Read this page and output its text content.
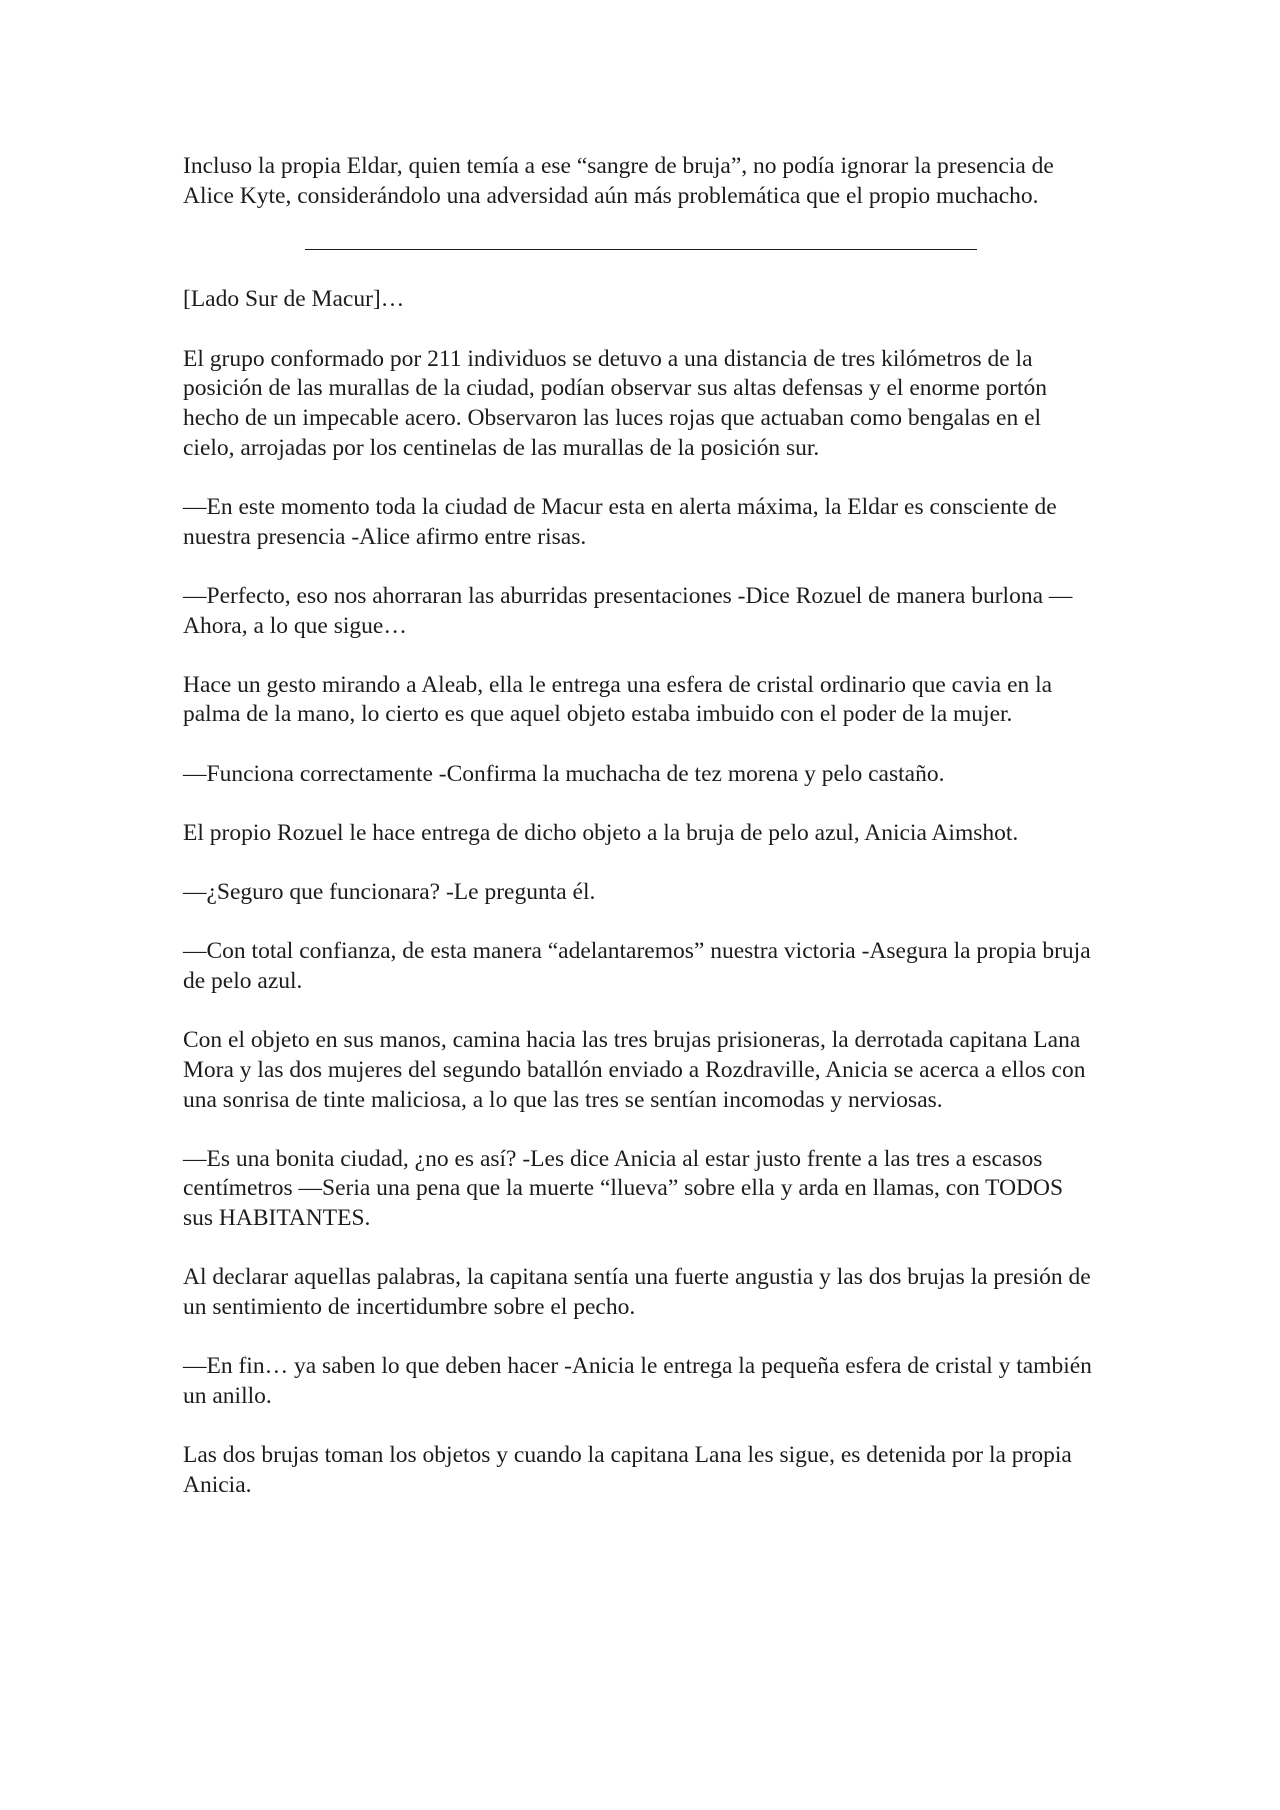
Incluso la propia Eldar, quien temía a ese “sangre de bruja”, no podía ignorar la presencia de Alice Kyte, considerándolo una adversidad aún más problemática que el propio muchacho.

[Lado Sur de Macur]…

El grupo conformado por 211 individuos se detuvo a una distancia de tres kilómetros de la posición de las murallas de la ciudad, podían observar sus altas defensas y el enorme portón hecho de un impecable acero. Observaron las luces rojas que actuaban como bengalas en el cielo, arrojadas por los centinelas de las murallas de la posición sur.

—En este momento toda la ciudad de Macur esta en alerta máxima, la Eldar es consciente de nuestra presencia -Alice afirmo entre risas.

—Perfecto, eso nos ahorraran las aburridas presentaciones -Dice Rozuel de manera burlona —Ahora, a lo que sigue…

Hace un gesto mirando a Aleab, ella le entrega una esfera de cristal ordinario que cavia en la palma de la mano, lo cierto es que aquel objeto estaba imbuido con el poder de la mujer.

—Funciona correctamente -Confirma la muchacha de tez morena y pelo castaño.

El propio Rozuel le hace entrega de dicho objeto a la bruja de pelo azul, Anicia Aimshot.

—¿Seguro que funcionara? -Le pregunta él.

—Con total confianza, de esta manera “adelantaremos” nuestra victoria -Asegura la propia bruja de pelo azul.

Con el objeto en sus manos, camina hacia las tres brujas prisioneras, la derrotada capitana Lana Mora y las dos mujeres del segundo batallón enviado a Rozdraville, Anicia se acerca a ellos con una sonrisa de tinte maliciosa, a lo que las tres se sentían incomodas y nerviosas.

—Es una bonita ciudad, ¿no es así? -Les dice Anicia al estar justo frente a las tres a escasos centímetros —Seria una pena que la muerte “llueva” sobre ella y arda en llamas, con TODOS sus HABITANTES.

Al declarar aquellas palabras, la capitana sentía una fuerte angustia y las dos brujas la presión de un sentimiento de incertidumbre sobre el pecho.

—En fin… ya saben lo que deben hacer -Anicia le entrega la pequeña esfera de cristal y también un anillo.

Las dos brujas toman los objetos y cuando la capitana Lana les sigue, es detenida por la propia Anicia.
